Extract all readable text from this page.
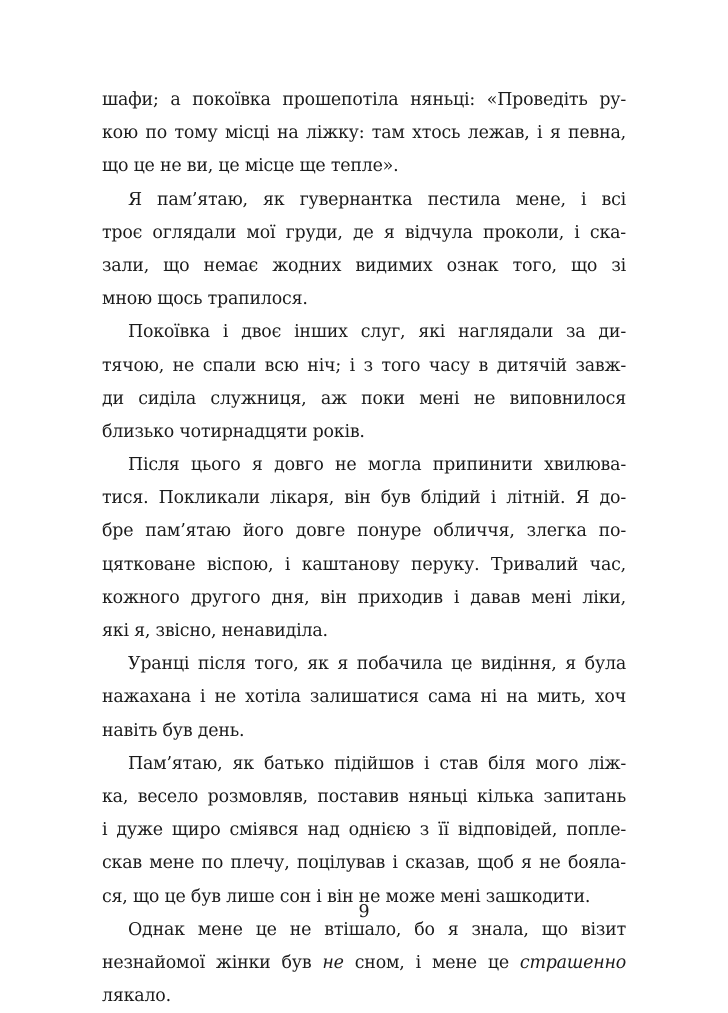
шафи; а покоївка прошепотіла няньці: «Проведіть ру-
кою по тому місці на ліжку: там хтось лежав, і я певна,
що це не ви, це місце ще тепле».
Я пам’ятаю, як гувернантка пестила мене, і всі
троє оглядали мої груди, де я відчула проколи, і ска-
зали, що немає жодних видимих ознак того, що зі
мною щось трапилося.
Покоївка і двоє інших слуг, які наглядали за ди-
тячою, не спали всю ніч; і з того часу в дитячій завж-
ди сиділа служниця, аж поки мені не виповнилося
близько чотирнадцяти років.
Після цього я довго не могла припинити хвилюва-
тися. Покликали лікаря, він був блідий і літній. Я до-
бре пам’ятаю його довге понуре обличчя, злегка по-
цятковане віспою, і каштанову перуку. Тривалий час,
кожного другого дня, він приходив і давав мені ліки,
які я, звісно, ненавиділа.
Уранці після того, як я побачила це видіння, я була
нажахана і не хотіла залишатися сама ні на мить, хоч
навіть був день.
Пам’ятаю, як батько підійшов і став біля мого ліж-
ка, весело розмовляв, поставив няньці кілька запитань
і дуже щиро сміявся над однією з її відповідей, попле-
скав мене по плечу, поцілував і сказав, щоб я не бояла-
ся, що це був лише сон і він не може мені зашкодити.
Однак мене це не втішало, бо я знала, що візит
незнайомої жінки був не сном, і мене це страшенно
лякало.
9
